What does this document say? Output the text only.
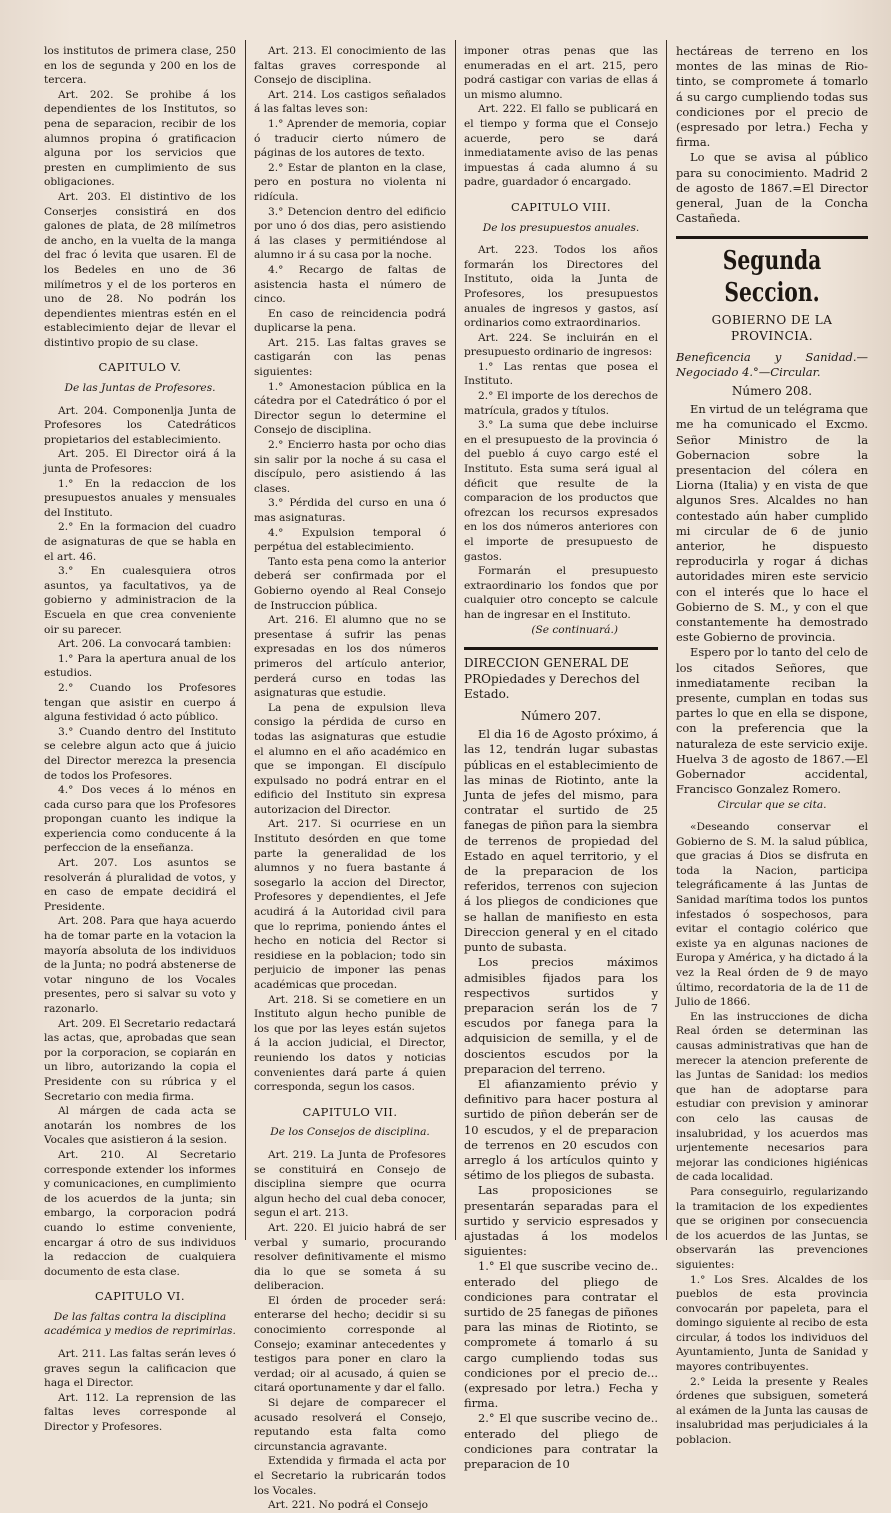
los institutos de primera clase, 250 en los de segunda y 200 en los de tercera.

Art. 202. Se prohibe á los dependientes de los Institutos, so pena de separacion, recibir de los alumnos propina ó gratificacion alguna por los servicios que presten en cumplimiento de sus obligaciones.

Art. 203. El distintivo de los Conserjes consistirá en dos galones de plata, de 28 milímetros de ancho, en la vuelta de la manga del frac ó levita que usaren. El de los Bedeles en uno de 36 milímetros y el de los porteros en uno de 28. No podrán los dependientes mientras estén en el establecimiento dejar de llevar el distintivo propio de su clase.

CAPITULO V.

De las Juntas de Profesores.

Art. 204. Componenǉa Junta de Profesores los Catedráticos propietarios del establecimiento.

Art. 205. El Director oirá á la junta de Profesores:

1.° En la redaccion de los presupuestos anuales y mensuales del Instituto.

2.° En la formacion del cuadro de asignaturas de que se habla en el art. 46.

3.° En cualesquiera otros asuntos, ya facultativos, ya de gobierno y administracion de la Escuela en que crea conveniente oir su parecer.

Art. 206. La convocará tambien:

1.° Para la apertura anual de los estudios.

2.° Cuando los Profesores tengan que asistir en cuerpo á alguna festividad ó acto público.

3.° Cuando dentro del Instituto se celebre algun acto que á juicio del Director merezca la presencia de todos los Profesores.

4.° Dos veces á lo ménos en cada curso para que los Profesores propongan cuanto les indique la experiencia como conducente á la perfeccion de la enseñanza.

Art. 207. Los asuntos se resolverán á pluralidad de votos, y en caso de empate decidirá el Presidente.

Art. 208. Para que haya acuerdo ha de tomar parte en la votacion la mayoría absoluta de los individuos de la Junta; no podrá abstenerse de votar ninguno de los Vocales presentes, pero si salvar su voto y razonarlo.

Art. 209. El Secretario redactará las actas, que, aprobadas que sean por la corporacion, se copiarán en un libro, autorizando la copia el Presidente con su rúbrica y el Secretario con media firma.

Al márgen de cada acta se anotarán los nombres de los Vocales que asistieron á la sesion.

Art. 210. Al Secretario corresponde extender los informes y comunicaciones, en cumplimiento de los acuerdos de la junta; sin embargo, la corporacion podrá cuando lo estime conveniente, encargar á otro de sus individuos la redaccion de cualquiera documento de esta clase.

CAPITULO VI.

De las faltas contra la disciplina académica y medios de reprimirlas.

Art. 211. Las faltas serán leves ó graves segun la calificacion que haga el Director.

Art. 112. La reprension de las faltas leves corresponde al Director y Profesores.

Art. 213. El conocimiento de las faltas graves corresponde al Consejo de disciplina.

Art. 214. Los castigos señalados á las faltas leves son:

1.° Aprender de memoria, copiar ó traducir cierto número de páginas de los autores de texto.

2.° Estar de planton en la clase, pero en postura no violenta ni ridícula.

3.° Detencion dentro del edificio por uno ó dos dias, pero asistiendo á las clases y permitiéndose al alumno ir á su casa por la noche.

4.° Recargo de faltas de asistencia hasta el número de cinco.

En caso de reincidencia podrá duplicarse la pena.

Art. 215. Las faltas graves se castigarán con las penas siguientes:

1.° Amonestacion pública en la cátedra por el Catedrático ó por el Director segun lo determine el Consejo de disciplina.

2.° Encierro hasta por ocho dias sin salir por la noche á su casa el discípulo, pero asistiendo á las clases.

3.° Pérdida del curso en una ó mas asignaturas.

4.° Expulsion temporal ó perpétua del establecimiento.

Tanto esta pena como la anterior deberá ser confirmada por el Gobierno oyendo al Real Consejo de Instruccion pública.

Art. 216. El alumno que no se presentase á sufrir las penas expresadas en los dos números primeros del artículo anterior, perderá curso en todas las asignaturas que estudie.

La pena de expulsion lleva consigo la pérdida de curso en todas las asignaturas que estudie el alumno en el año académico en que se impongan. El discípulo expulsado no podrá entrar en el edificio del Instituto sin expresa autorizacion del Director.

Art. 217. Si ocurriese en un Instituto desórden en que tome parte la generalidad de los alumnos y no fuera bastante á sosegarlo la accion del Director, Profesores y dependientes, el Jefe acudirá á la Autoridad civil para que lo reprima, poniendo ántes el hecho en noticia del Rector si residiese en la poblacion; todo sin perjuicio de imponer las penas académicas que procedan.

Art. 218. Si se cometiere en un Instituto algun hecho punible de los que por las leyes están sujetos á la accion judicial, el Director, reuniendo los datos y noticias convenientes dará parte á quien corresponda, segun los casos.

CAPITULO VII.

De los Consejos de disciplina.

Art. 219. La Junta de Profesores se constituirá en Consejo de disciplina siempre que ocurra algun hecho del cual deba conocer, segun el art. 213.

Art. 220. El juicio habrá de ser verbal y sumario, procurando resolver definitivamente el mismo dia lo que se someta á su deliberacion.

El órden de proceder será: enterarse del hecho; decidir si su conocimiento corresponde al Consejo; examinar antecedentes y testigos para poner en claro la verdad; oir al acusado, á quien se citará oportunamente y dar el fallo.

Si dejare de comparecer el acusado resolverá el Consejo, reputando esta falta como circunstancia agravante.

Extendida y firmada el acta por el Secretario la rubricarán todos los Vocales.

Art. 221. No podrá el Consejo

imponer otras penas que las enumeradas en el art. 215, pero podrá castigar con varias de ellas á un mismo alumno.

Art. 222. El fallo se publicará en el tiempo y forma que el Consejo acuerde, pero se dará inmediatamente aviso de las penas impuestas á cada alumno á su padre, guardador ó encargado.

CAPITULO VIII.

De los presupuestos anuales.

Art. 223. Todos los años formarán los Directores del Instituto, oida la Junta de Profesores, los presupuestos anuales de ingresos y gastos, así ordinarios como extraordinarios.

Art. 224. Se incluirán en el presupuesto ordinario de ingresos:

1.° Las rentas que posea el Instituto.

2.° El importe de los derechos de matrícula, grados y títulos.

3.° La suma que debe incluirse en el presupuesto de la provincia ó del pueblo á cuyo cargo esté el Instituto. Esta suma será igual al déficit que resulte de la comparacion de los productos que ofrezcan los recursos expresados en los dos números anteriores con el importe de presupuesto de gastos.

Formarán el presupuesto extraordinario los fondos que por cualquier otro concepto se calcule han de ingresar en el Instituto.

(Se continuará.)

DIRECCION GENERAL DE PROpiedades y Derechos del Estado.

Número 207.

El dia 16 de Agosto próximo, á las 12, tendrán lugar subastas públicas en el establecimiento de las minas de Riotinto, ante la Junta de jefes del mismo, para contratar el surtido de 25 fanegas de piñon para la siembra de terrenos de propiedad del Estado en aquel territorio, y el de la preparacion de los referidos, terrenos con sujecion á los pliegos de condiciones que se hallan de manifiesto en esta Direccion general y en el citado punto de subasta.

Los precios máximos admisibles fijados para los respectivos surtidos y preparacion serán los de 7 escudos por fanega para la adquisicion de semilla, y el de doscientos escudos por la preparacion del terreno.

El afianzamiento prévio y definitivo para hacer postura al surtido de piñon deberán ser de 10 escudos, y el de preparacion de terrenos en 20 escudos con arreglo á los artículos quinto y sétimo de los pliegos de subasta.

Las proposiciones se presentarán separadas para el surtido y servicio espresados y ajustadas á los modelos siguientes:

1.° El que suscribe vecino de.. enterado del pliego de condiciones para contratar el surtido de 25 fanegas de piñones para las minas de Riotinto, se compromete á tomarlo á su cargo cumpliendo todas sus condiciones por el precio de... (expresado por letra.) Fecha y firma.

2.° El que suscribe vecino de.. enterado del pliego de condiciones para contratar la preparacion de 10

hectáreas de terreno en los montes de las minas de Rio-tinto, se compromete á tomarlo á su cargo cumpliendo todas sus condiciones por el precio de (espresado por letra.) Fecha y firma.

Lo que se avisa al público para su conocimiento. Madrid 2 de agosto de 1867.=El Director general, Juan de la Concha Castañeda.

Segunda Seccion.

GOBIERNO DE LA PROVINCIA.

Beneficencia y Sanidad.—Negociado 4.°—Circular.

Número 208.

En virtud de un telégrama que me ha comunicado el Excmo. Señor Ministro de la Gobernacion sobre la presentacion del cólera en Liorna (Italia) y en vista de que algunos Sres. Alcaldes no han contestado aún haber cumplido mi circular de 6 de junio anterior, he dispuesto reproducirla y rogar á dichas autoridades miren este servicio con el interés que lo hace el Gobierno de S. M., y con el que constantemente ha demostrado este Gobierno de provincia.

Espero por lo tanto del celo de los citados Señores, que inmediatamente reciban la presente, cumplan en todas sus partes lo que en ella se dispone, con la preferencia que la naturaleza de este servicio exije. Huelva 3 de agosto de 1867.—El Gobernador accidental, Francisco Gonzalez Romero.

Circular que se cita.

«Deseando conservar el Gobierno de S. M. la salud pública, que gracias á Dios se disfruta en toda la Nacion, participa telegráficamente á las Juntas de Sanidad marítima todos los puntos infestados ó sospechosos, para evitar el contagio colérico que existe ya en algunas naciones de Europa y América, y ha dictado á la vez la Real órden de 9 de mayo último, recordatoria de la de 11 de Julio de 1866.

En las instrucciones de dicha Real órden se determinan las causas administrativas que han de merecer la atencion preferente de las Juntas de Sanidad: los medios que han de adoptarse para estudiar con prevision y aminorar con celo las causas de insalubridad, y los acuerdos mas urjentemente necesarios para mejorar las condiciones higiénicas de cada localidad.

Para conseguirlo, regularizando la tramitacion de los expedientes que se originen por consecuencia de los acuerdos de las Juntas, se observarán las prevenciones siguientes:

1.° Los Sres. Alcaldes de los pueblos de esta provincia convocarán por papeleta, para el domingo siguiente al recibo de esta circular, á todos los individuos del Ayuntamiento, Junta de Sanidad y mayores contribuyentes.

2.° Leida la presente y Reales órdenes que subsiguen, someterá al exámen de la Junta las causas de insalubridad mas perjudiciales á la poblacion.
